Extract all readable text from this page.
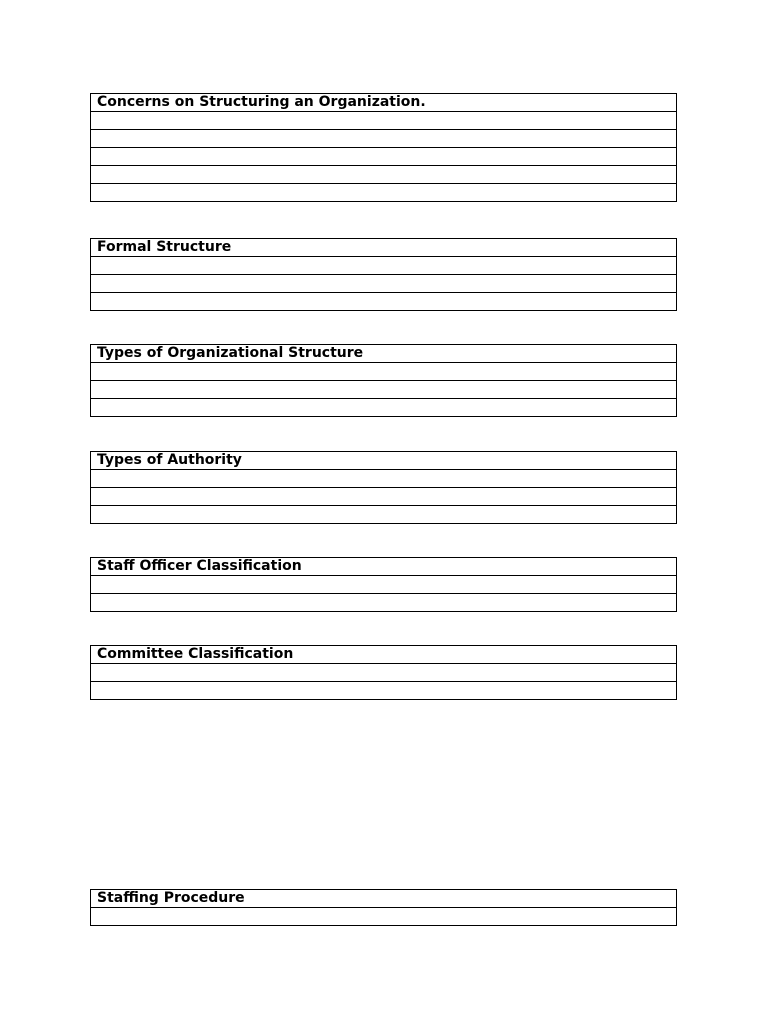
Concerns on Structuring an Organization.

Formal Structure

Types of Organizational Structure

Types of Authority

Staff Officer Classification

Committee Classification

Staffing Procedure
